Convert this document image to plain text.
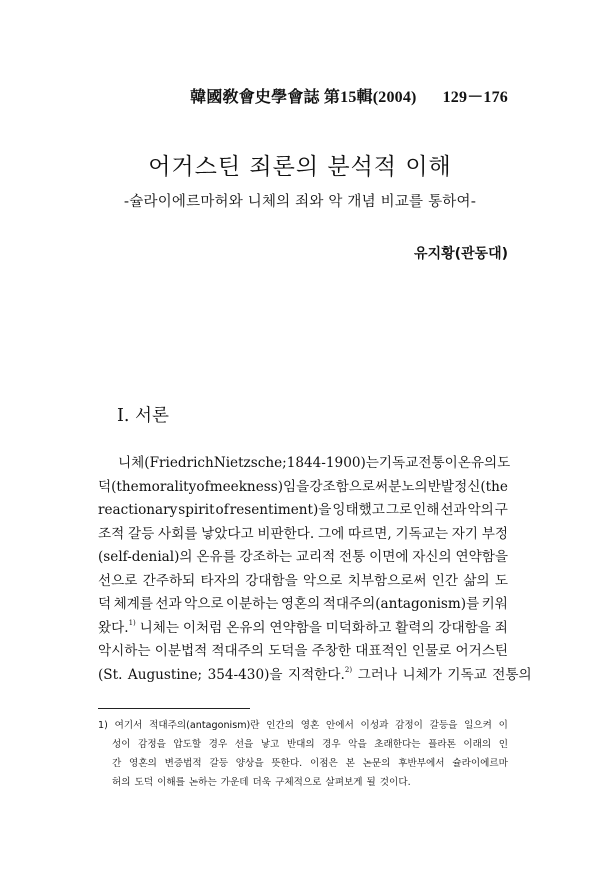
韓國敎會史學會誌 第15輯(2004) 129－176
어거스틴 죄론의 분석적 이해
-슐라이에르마허와 니체의 죄와 악 개념 비교를 통하여-
유지황(관동대)
I. 서론
니체(Friedrich Nietzsche; 1844-1900)는 기독교 전통이 온유의 도
덕(the morality of meekness)임을 강조함으로써 분노의 반발 정신(the
reactionary spirit of resentiment)을 잉태했고 그로 인해 선과 악의 구
조적 갈등 사회를 낳았다고 비판한다. 그에 따르면, 기독교는 자기 부정
(self-denial)의 온유를 강조하는 교리적 전통 이면에 자신의 연약함을
선으로 간주하되 타자의 강대함을 악으로 치부함으로써 인간 삶의 도
덕 체계를 선과 악으로 이분하는 영혼의 적대주의(antagonism)를 키워
왔다.$^{1)}$ 니체는 이처럼 온유의 연약함을 미덕화하고 활력의 강대함을 죄
악시하는 이분법적 적대주의 도덕을 주창한 대표적인 인물로 어거스틴
(St. Augustine; 354-430)을 지적한다.$^{2)}$ 그러나 니체가 기독교 전통의
1) 여기서 적대주의(antagonism)란 인간의 영혼 안에서 이성과 감정이 갈등을 일으켜 이
성이 감정을 압도할 경우 선을 낳고 반대의 경우 악을 초래한다는 플라톤 이래의 인
간 영혼의 변증법적 갈등 양상을 뜻한다. 이점은 본 논문의 후반부에서 슐라이에르마
허의 도덕 이해를 논하는 가운데 더욱 구체적으로 살펴보게 될 것이다.
